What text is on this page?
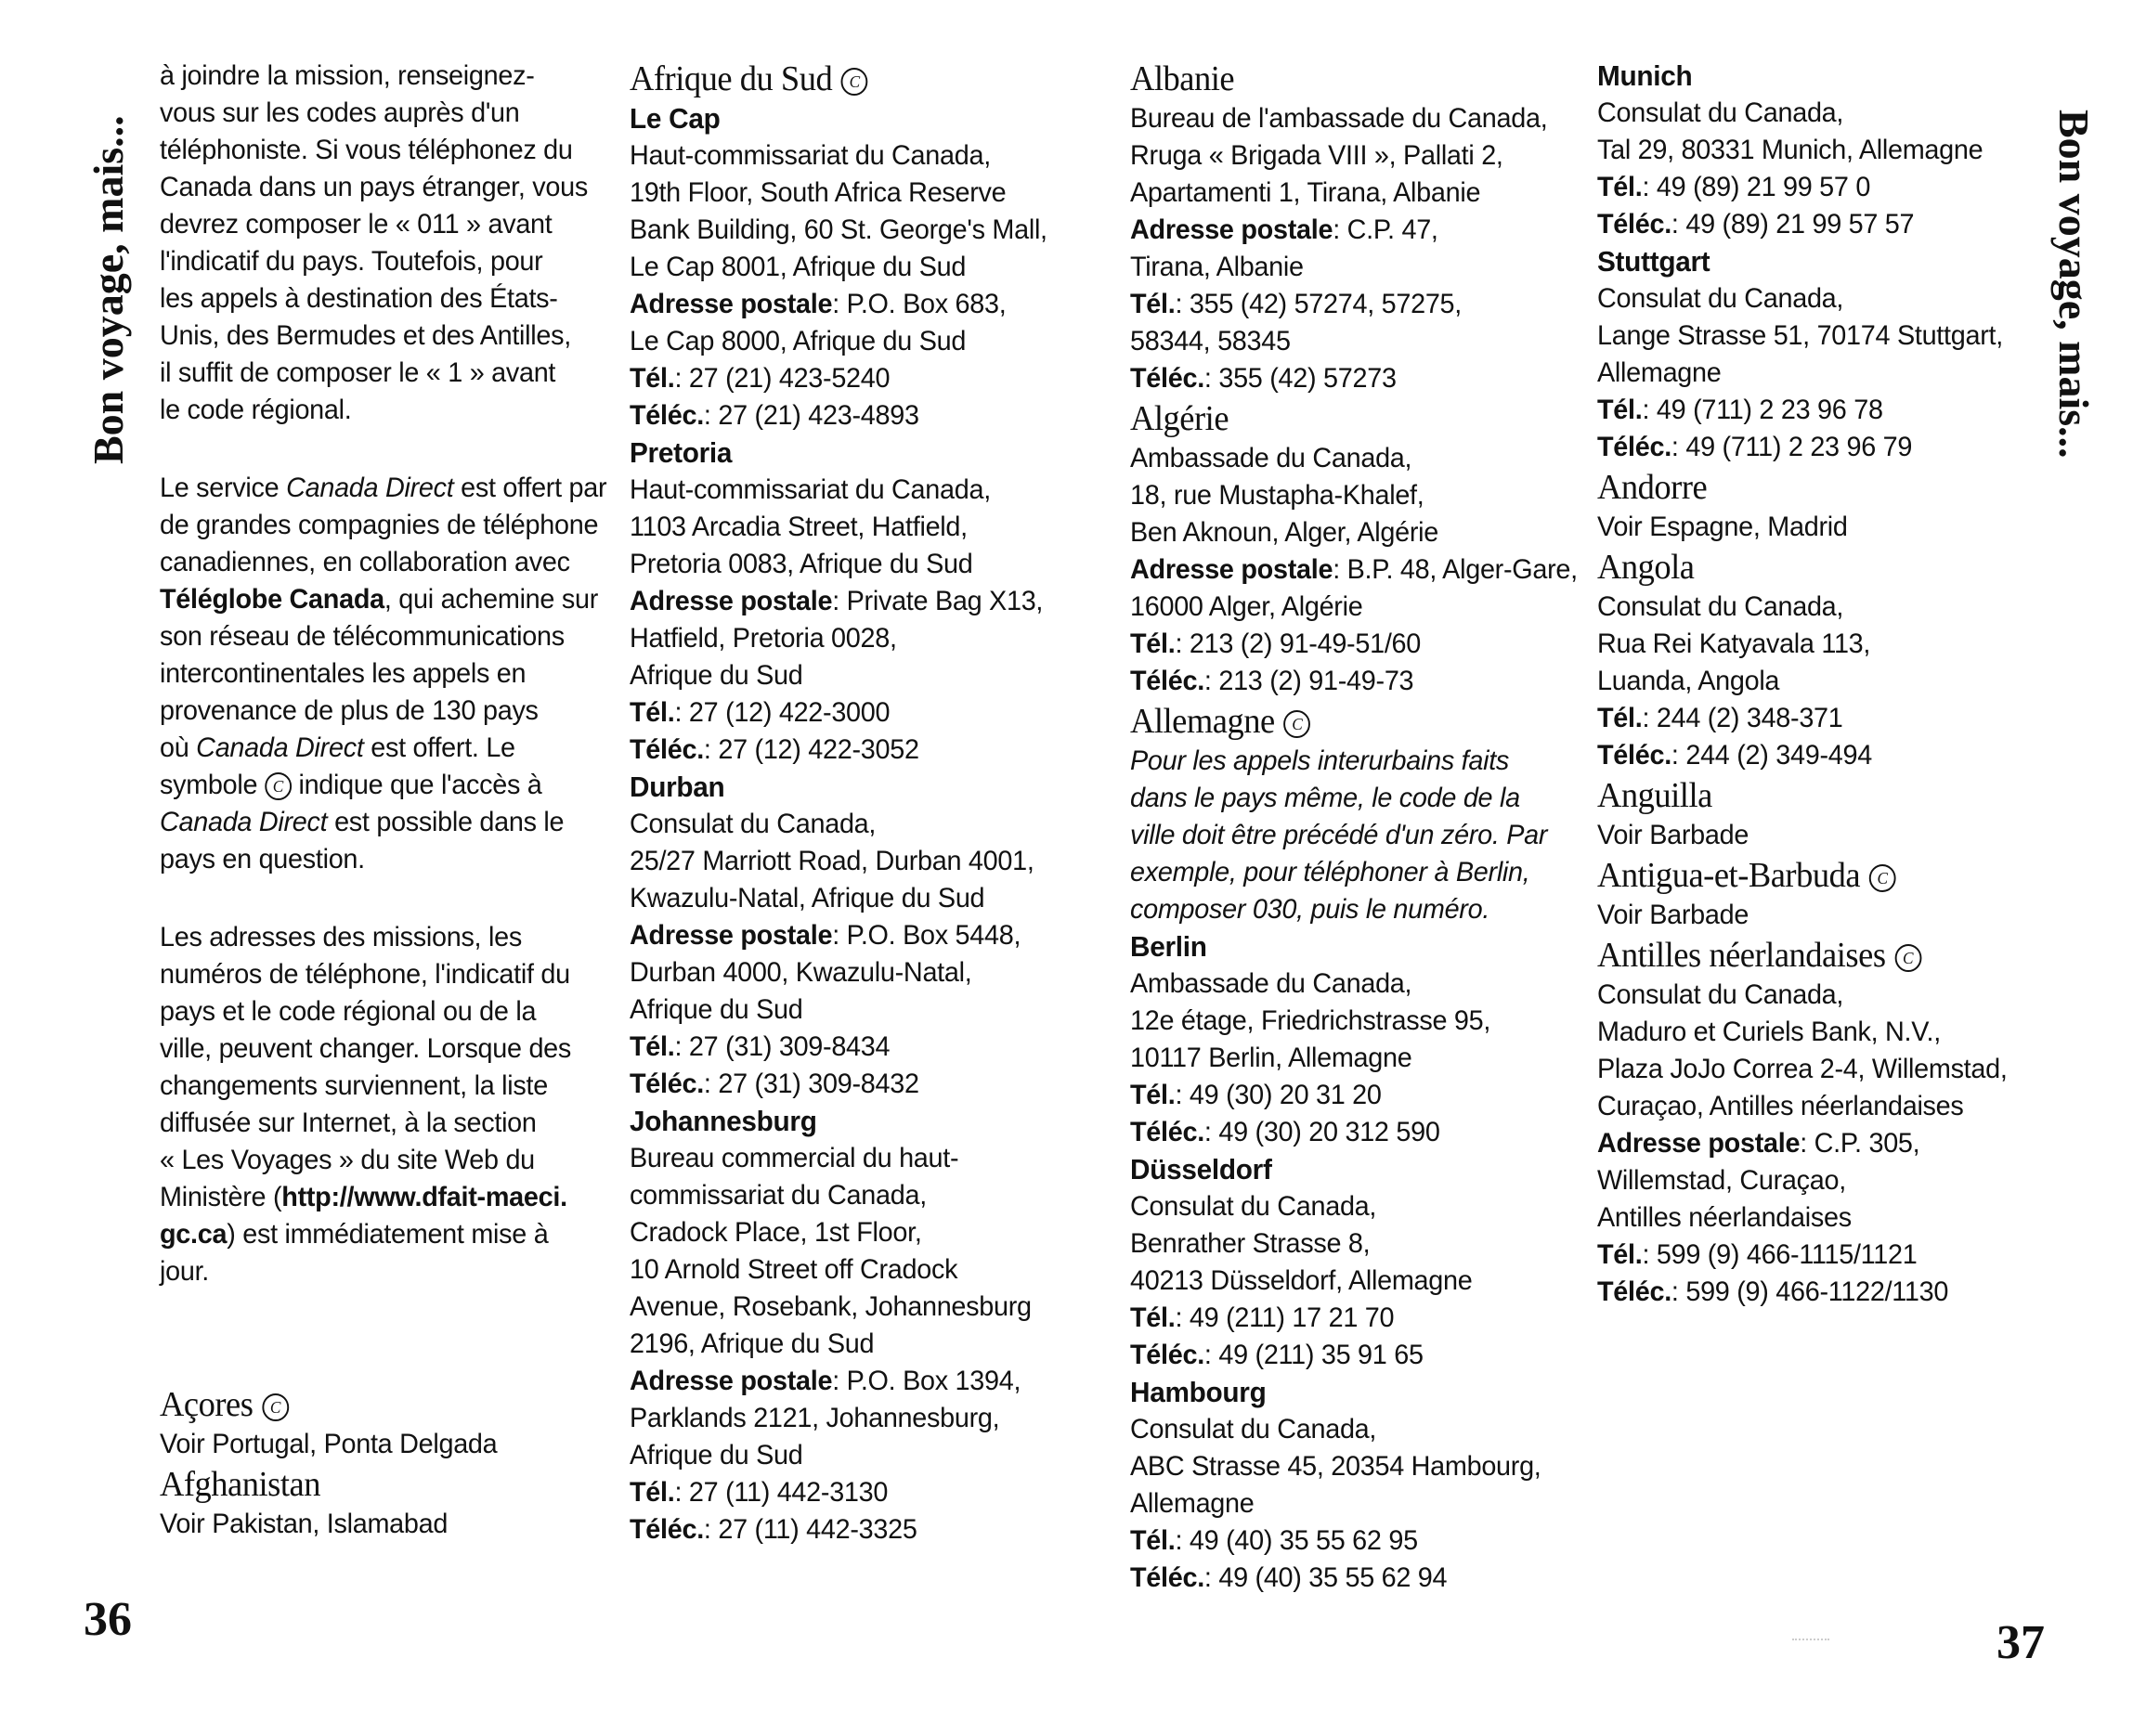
Bon voyage, mais...	Bon voyage, mais...
à joindre la mission, renseignez-
vous sur les codes auprès d'un
téléphoniste. Si vous téléphonez du
Canada dans un pays étranger, vous
devrez composer le « 011 » avant
l'indicatif du pays. Toutefois, pour
les appels à destination des États-
Unis, des Bermudes et des Antilles,
il suffit de composer le « 1 » avant
le code régional.
Le service Canada Direct est offert par
de grandes compagnies de téléphone
canadiennes, en collaboration avec
Téléglobe Canada, qui achemine sur
son réseau de télécommunications
intercontinentales les appels en
provenance de plus de 130 pays
où Canada Direct est offert. Le
symbole C indique que l'accès à
Canada Direct est possible dans le
pays en question.
Les adresses des missions, les
numéros de téléphone, l'indicatif du
pays et le code régional ou de la
ville, peuvent changer. Lorsque des
changements surviennent, la liste
diffusée sur Internet, à la section
« Les Voyages » du site Web du
Ministère (http://www.dfait-maeci.
gc.ca) est immédiatement mise à
jour.
Açores C
Voir Portugal, Ponta Delgada
Afghanistan
Voir Pakistan, Islamabad
Afrique du Sud C
Le Cap
Haut-commissariat du Canada,
19th Floor, South Africa Reserve
Bank Building, 60 St. George's Mall,
Le Cap 8001, Afrique du Sud
Adresse postale: P.O. Box 683,
Le Cap 8000, Afrique du Sud
Tél.: 27 (21) 423-5240
Téléc.: 27 (21) 423-4893
Pretoria
Haut-commissariat du Canada,
1103 Arcadia Street, Hatfield,
Pretoria 0083, Afrique du Sud
Adresse postale: Private Bag X13,
Hatfield, Pretoria 0028,
Afrique du Sud
Tél.: 27 (12) 422-3000
Téléc.: 27 (12) 422-3052
Durban
Consulat du Canada,
25/27 Marriott Road, Durban 4001,
Kwazulu-Natal, Afrique du Sud
Adresse postale: P.O. Box 5448,
Durban 4000, Kwazulu-Natal,
Afrique du Sud
Tél.: 27 (31) 309-8434
Téléc.: 27 (31) 309-8432
Johannesburg
Bureau commercial du haut-
commissariat du Canada,
Cradock Place, 1st Floor,
10 Arnold Street off Cradock
Avenue, Rosebank, Johannesburg
2196, Afrique du Sud
Adresse postale: P.O. Box 1394,
Parklands 2121, Johannesburg,
Afrique du Sud
Tél.: 27 (11) 442-3130
Téléc.: 27 (11) 442-3325
Albanie
Bureau de l'ambassade du Canada,
Rruga « Brigada VIII », Pallati 2,
Apartamenti 1, Tirana, Albanie
Adresse postale: C.P. 47,
Tirana, Albanie
Tél.: 355 (42) 57274, 57275,
58344, 58345
Téléc.: 355 (42) 57273
Algérie
Ambassade du Canada,
18, rue Mustapha-Khalef,
Ben Aknoun, Alger, Algérie
Adresse postale: B.P. 48, Alger-Gare,
16000 Alger, Algérie
Tél.: 213 (2) 91-49-51/60
Téléc.: 213 (2) 91-49-73
Allemagne C
Pour les appels interurbains faits
dans le pays même, le code de la
ville doit être précédé d'un zéro. Par
exemple, pour téléphoner à Berlin,
composer 030, puis le numéro.
Berlin
Ambassade du Canada,
12e étage, Friedrichstrasse 95,
10117 Berlin, Allemagne
Tél.: 49 (30) 20 31 20
Téléc.: 49 (30) 20 312 590
Düsseldorf
Consulat du Canada,
Benrather Strasse 8,
40213 Düsseldorf, Allemagne
Tél.: 49 (211) 17 21 70
Téléc.: 49 (211) 35 91 65
Hambourg
Consulat du Canada,
ABC Strasse 45, 20354 Hambourg,
Allemagne
Tél.: 49 (40) 35 55 62 95
Téléc.: 49 (40) 35 55 62 94
Munich
Consulat du Canada,
Tal 29, 80331 Munich, Allemagne
Tél.: 49 (89) 21 99 57 0
Téléc.: 49 (89) 21 99 57 57
Stuttgart
Consulat du Canada,
Lange Strasse 51, 70174 Stuttgart,
Allemagne
Tél.: 49 (711) 2 23 96 78
Téléc.: 49 (711) 2 23 96 79
Andorre
Voir Espagne, Madrid
Angola
Consulat du Canada,
Rua Rei Katyavala 113,
Luanda, Angola
Tél.: 244 (2) 348-371
Téléc.: 244 (2) 349-494
Anguilla
Voir Barbade
Antigua-et-Barbuda C
Voir Barbade
Antilles néerlandaises C
Consulat du Canada,
Maduro et Curiels Bank, N.V.,
Plaza JoJo Correa 2-4, Willemstad,
Curaçao, Antilles néerlandaises
Adresse postale: C.P. 305,
Willemstad, Curaçao,
Antilles néerlandaises
Tél.: 599 (9) 466-1115/1121
Téléc.: 599 (9) 466-1122/1130
36	37
